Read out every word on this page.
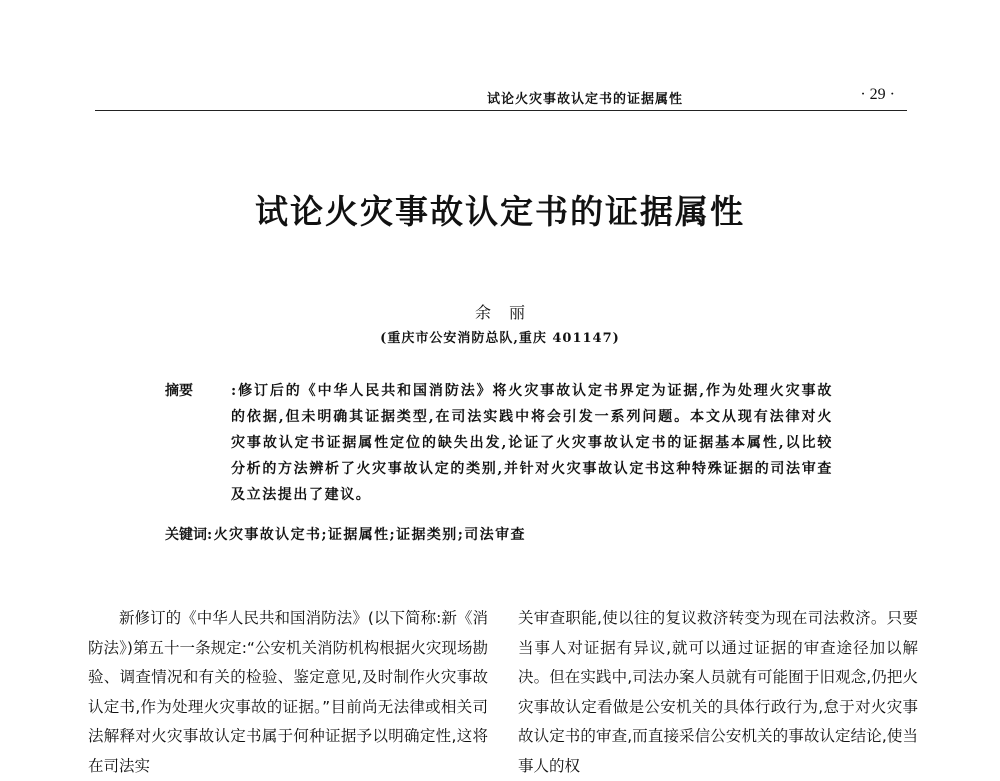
试论火灾事故认定书的证据属性	· 29 ·
试论火灾事故认定书的证据属性
余丽
(重庆市公安消防总队,重庆 401147)
摘要	:修订后的《中华人民共和国消防法》将火灾事故认定书界定为证据,作为处理火灾事故的依据,但未明确其证据类型,在司法实践中将会引发一系列问题。本文从现有法律对火灾事故认定书证据属性定位的缺失出发,论证了火灾事故认定书的证据基本属性,以比较分析的方法辨析了火灾事故认定的类别,并针对火灾事故认定书这种特殊证据的司法审查及立法提出了建议。
关键词:火灾事故认定书;证据属性;证据类别;司法审查
新修订的《中华人民共和国消防法》(以下简称:新《消防法》)第五十一条规定:“公安机关消防机构根据火灾现场勘验、调查情况和有关的检验、鉴定意见,及时制作火灾事故认定书,作为处理火灾事故的证据。”目前尚无法律或相关司法解释对火灾事故认定书属于何种证据予以明确定性,这将在司法实
关审查职能,使以往的复议救济转变为现在司法救济。只要当事人对证据有异议,就可以通过证据的审查途径加以解决。但在实践中,司法办案人员就有可能囿于旧观念,仍把火灾事故认定看做是公安机关的具体行政行为,怠于对火灾事故认定书的审查,而直接采信公安机关的事故认定结论,使当事人的权
